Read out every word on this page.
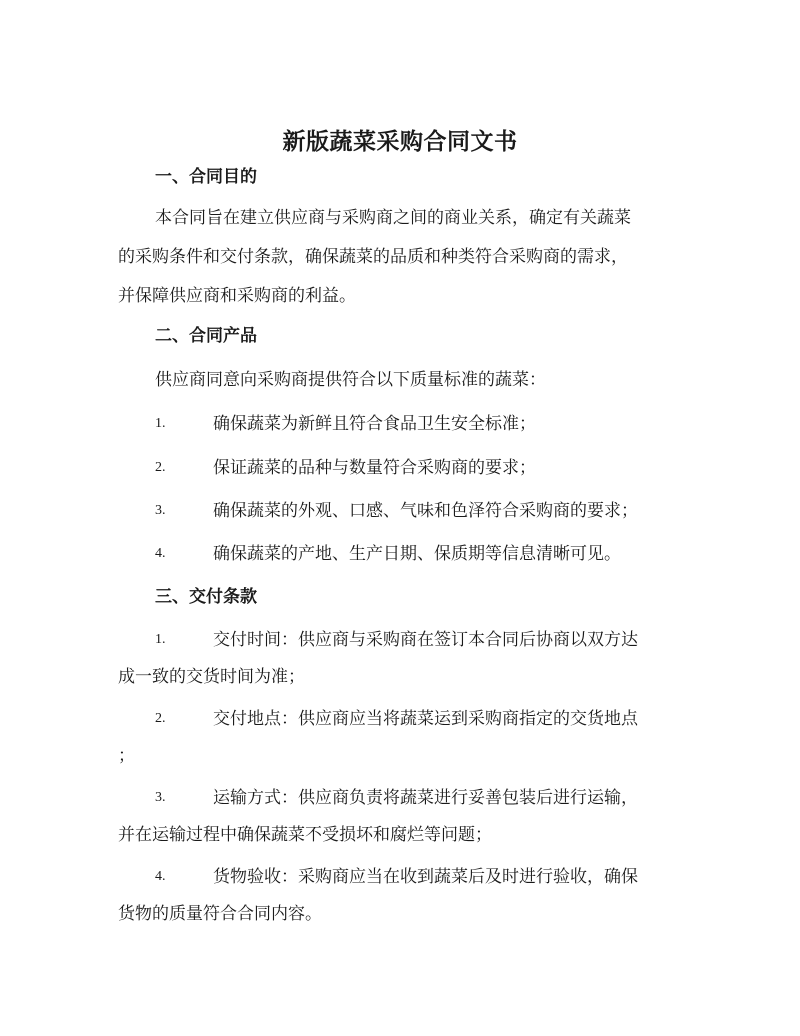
新版蔬菜采购合同文书
一、合同目的
本合同旨在建立供应商与采购商之间的商业关系，确定有关蔬菜
的采购条件和交付条款，确保蔬菜的品质和种类符合采购商的需求，
并保障供应商和采购商的利益。
二、合同产品
供应商同意向采购商提供符合以下质量标准的蔬菜：
1.	确保蔬菜为新鲜且符合食品卫生安全标准；
2.	保证蔬菜的品种与数量符合采购商的要求；
3.	确保蔬菜的外观、口感、气味和色泽符合采购商的要求；
4.	确保蔬菜的产地、生产日期、保质期等信息清晰可见。
三、交付条款
1.	交付时间：供应商与采购商在签订本合同后协商以双方达
成一致的交货时间为准；
2.	交付地点：供应商应当将蔬菜运到采购商指定的交货地点
；
3.	运输方式：供应商负责将蔬菜进行妥善包装后进行运输，
并在运输过程中确保蔬菜不受损坏和腐烂等问题；
4.	货物验收：采购商应当在收到蔬菜后及时进行验收，确保
货物的质量符合合同内容。
